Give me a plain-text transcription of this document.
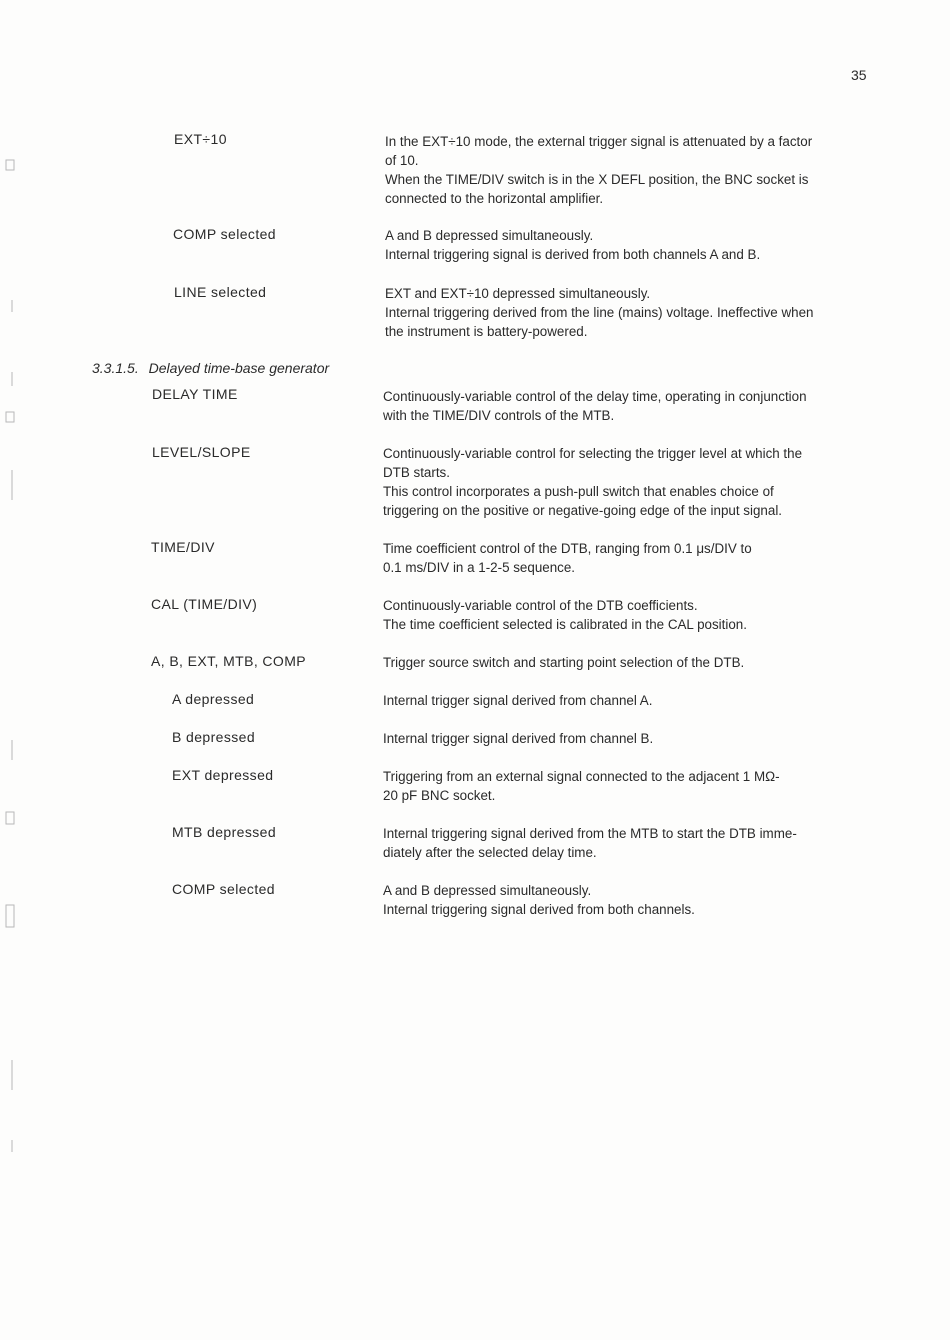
35
EXT÷10	In the EXT÷10 mode, the external trigger signal is attenuated by a factor
of 10.
When the TIME/DIV switch is in the X DEFL position, the BNC socket is
connected to the horizontal amplifier.
COMP selected	A and B depressed simultaneously.
Internal triggering signal is derived from both channels A and B.
LINE selected	EXT and EXT÷10 depressed simultaneously.
Internal triggering derived from the line (mains) voltage. Ineffective when
the instrument is battery-powered.
3.3.1.5. Delayed time-base generator
DELAY TIME	Continuously-variable control of the delay time, operating in conjunction
with the TIME/DIV controls of the MTB.
LEVEL/SLOPE	Continuously-variable control for selecting the trigger level at which the
DTB starts.
This control incorporates a push-pull switch that enables choice of
triggering on the positive or negative-going edge of the input signal.
TIME/DIV	Time coefficient control of the DTB, ranging from 0.1 μs/DIV to
0.1 ms/DIV in a 1-2-5 sequence.
CAL (TIME/DIV)	Continuously-variable control of the DTB coefficients.
The time coefficient selected is calibrated in the CAL position.
A, B, EXT, MTB, COMP	Trigger source switch and starting point selection of the DTB.
A depressed	Internal trigger signal derived from channel A.
B depressed	Internal trigger signal derived from channel B.
EXT depressed	Triggering from an external signal connected to the adjacent 1 MΩ-
20 pF BNC socket.
MTB depressed	Internal triggering signal derived from the MTB to start the DTB imme-
diately after the selected delay time.
COMP selected	A and B depressed simultaneously.
Internal triggering signal derived from both channels.
